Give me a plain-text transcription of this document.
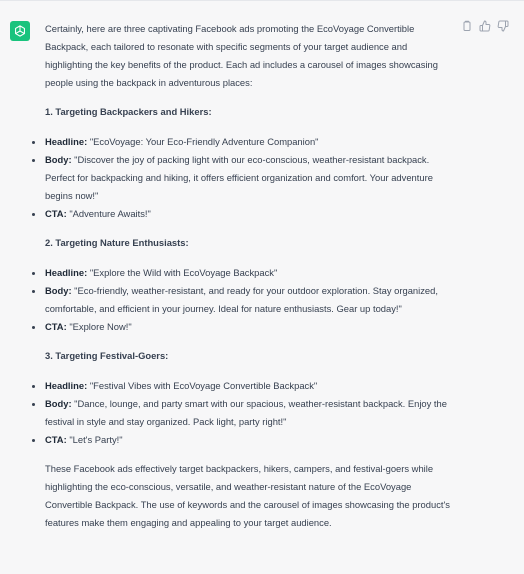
Certainly, here are three captivating Facebook ads promoting the EcoVoyage Convertible Backpack, each tailored to resonate with specific segments of your target audience and highlighting the key benefits of the product. Each ad includes a carousel of images showcasing people using the backpack in adventurous places:

1. Targeting Backpackers and Hikers:
Headline: "EcoVoyage: Your Eco-Friendly Adventure Companion"
Body: "Discover the joy of packing light with our eco-conscious, weather-resistant backpack. Perfect for backpacking and hiking, it offers efficient organization and comfort. Your adventure begins now!"
CTA: "Adventure Awaits!"
2. Targeting Nature Enthusiasts:
Headline: "Explore the Wild with EcoVoyage Backpack"
Body: "Eco-friendly, weather-resistant, and ready for your outdoor exploration. Stay organized, comfortable, and efficient in your journey. Ideal for nature enthusiasts. Gear up today!"
CTA: "Explore Now!"
3. Targeting Festival-Goers:
Headline: "Festival Vibes with EcoVoyage Convertible Backpack"
Body: "Dance, lounge, and party smart with our spacious, weather-resistant backpack. Enjoy the festival in style and stay organized. Pack light, party right!"
CTA: "Let's Party!"

These Facebook ads effectively target backpackers, hikers, campers, and festival-goers while highlighting the eco-conscious, versatile, and weather-resistant nature of the EcoVoyage Convertible Backpack. The use of keywords and the carousel of images showcasing the product's features make them engaging and appealing to your target audience.
